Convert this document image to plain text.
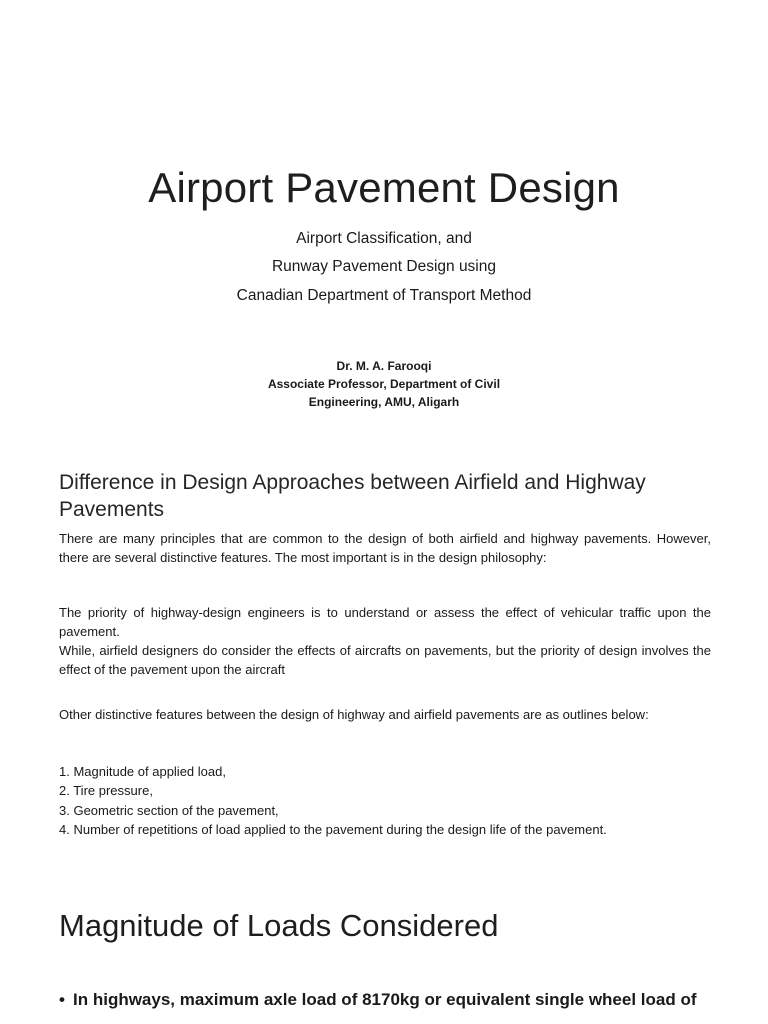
Airport Pavement Design
Airport Classification, and
Runway Pavement Design using
Canadian Department of Transport Method
Dr. M. A. Farooqi
Associate Professor, Department of Civil
Engineering, AMU, Aligarh
Difference in Design Approaches between Airfield and Highway Pavements
There are many principles that are common to the design of both airfield and highway pavements. However, there are several distinctive features. The most important is in the design philosophy:
The priority of highway-design engineers is to understand or assess the effect of vehicular traffic upon the pavement.
While, airfield designers do consider the effects of aircrafts on pavements, but the priority of design involves the effect of the pavement upon the aircraft
Other distinctive features between the design of highway and airfield pavements are as outlines below:
1. Magnitude of applied load,
2. Tire pressure,
3. Geometric section of the pavement,
4. Number of repetitions of load applied to the pavement during the design life of the pavement.
Magnitude of Loads Considered
• In highways, maximum axle load of 8170kg or equivalent single wheel load of
